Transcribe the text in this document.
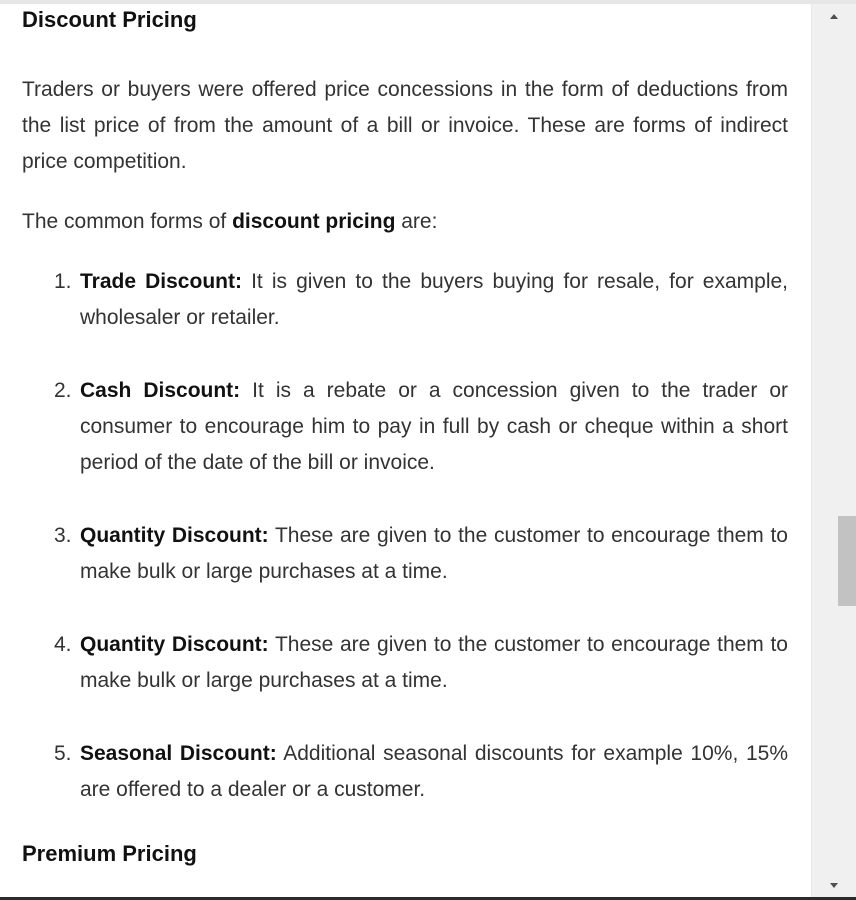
Discount Pricing

Traders or buyers were offered price concessions in the form of deductions from the list price of from the amount of a bill or invoice. These are forms of indirect price competition.

The common forms of discount pricing are:

1. Trade Discount: It is given to the buyers buying for resale, for example, wholesaler or retailer.
2. Cash Discount: It is a rebate or a concession given to the trader or consumer to encourage him to pay in full by cash or cheque within a short period of the date of the bill or invoice.
3. Quantity Discount: These are given to the customer to encourage them to make bulk or large purchases at a time.
4. Quantity Discount: These are given to the customer to encourage them to make bulk or large purchases at a time.
5. Seasonal Discount: Additional seasonal discounts for example 10%, 15% are offered to a dealer or a customer.
Premium Pricing
